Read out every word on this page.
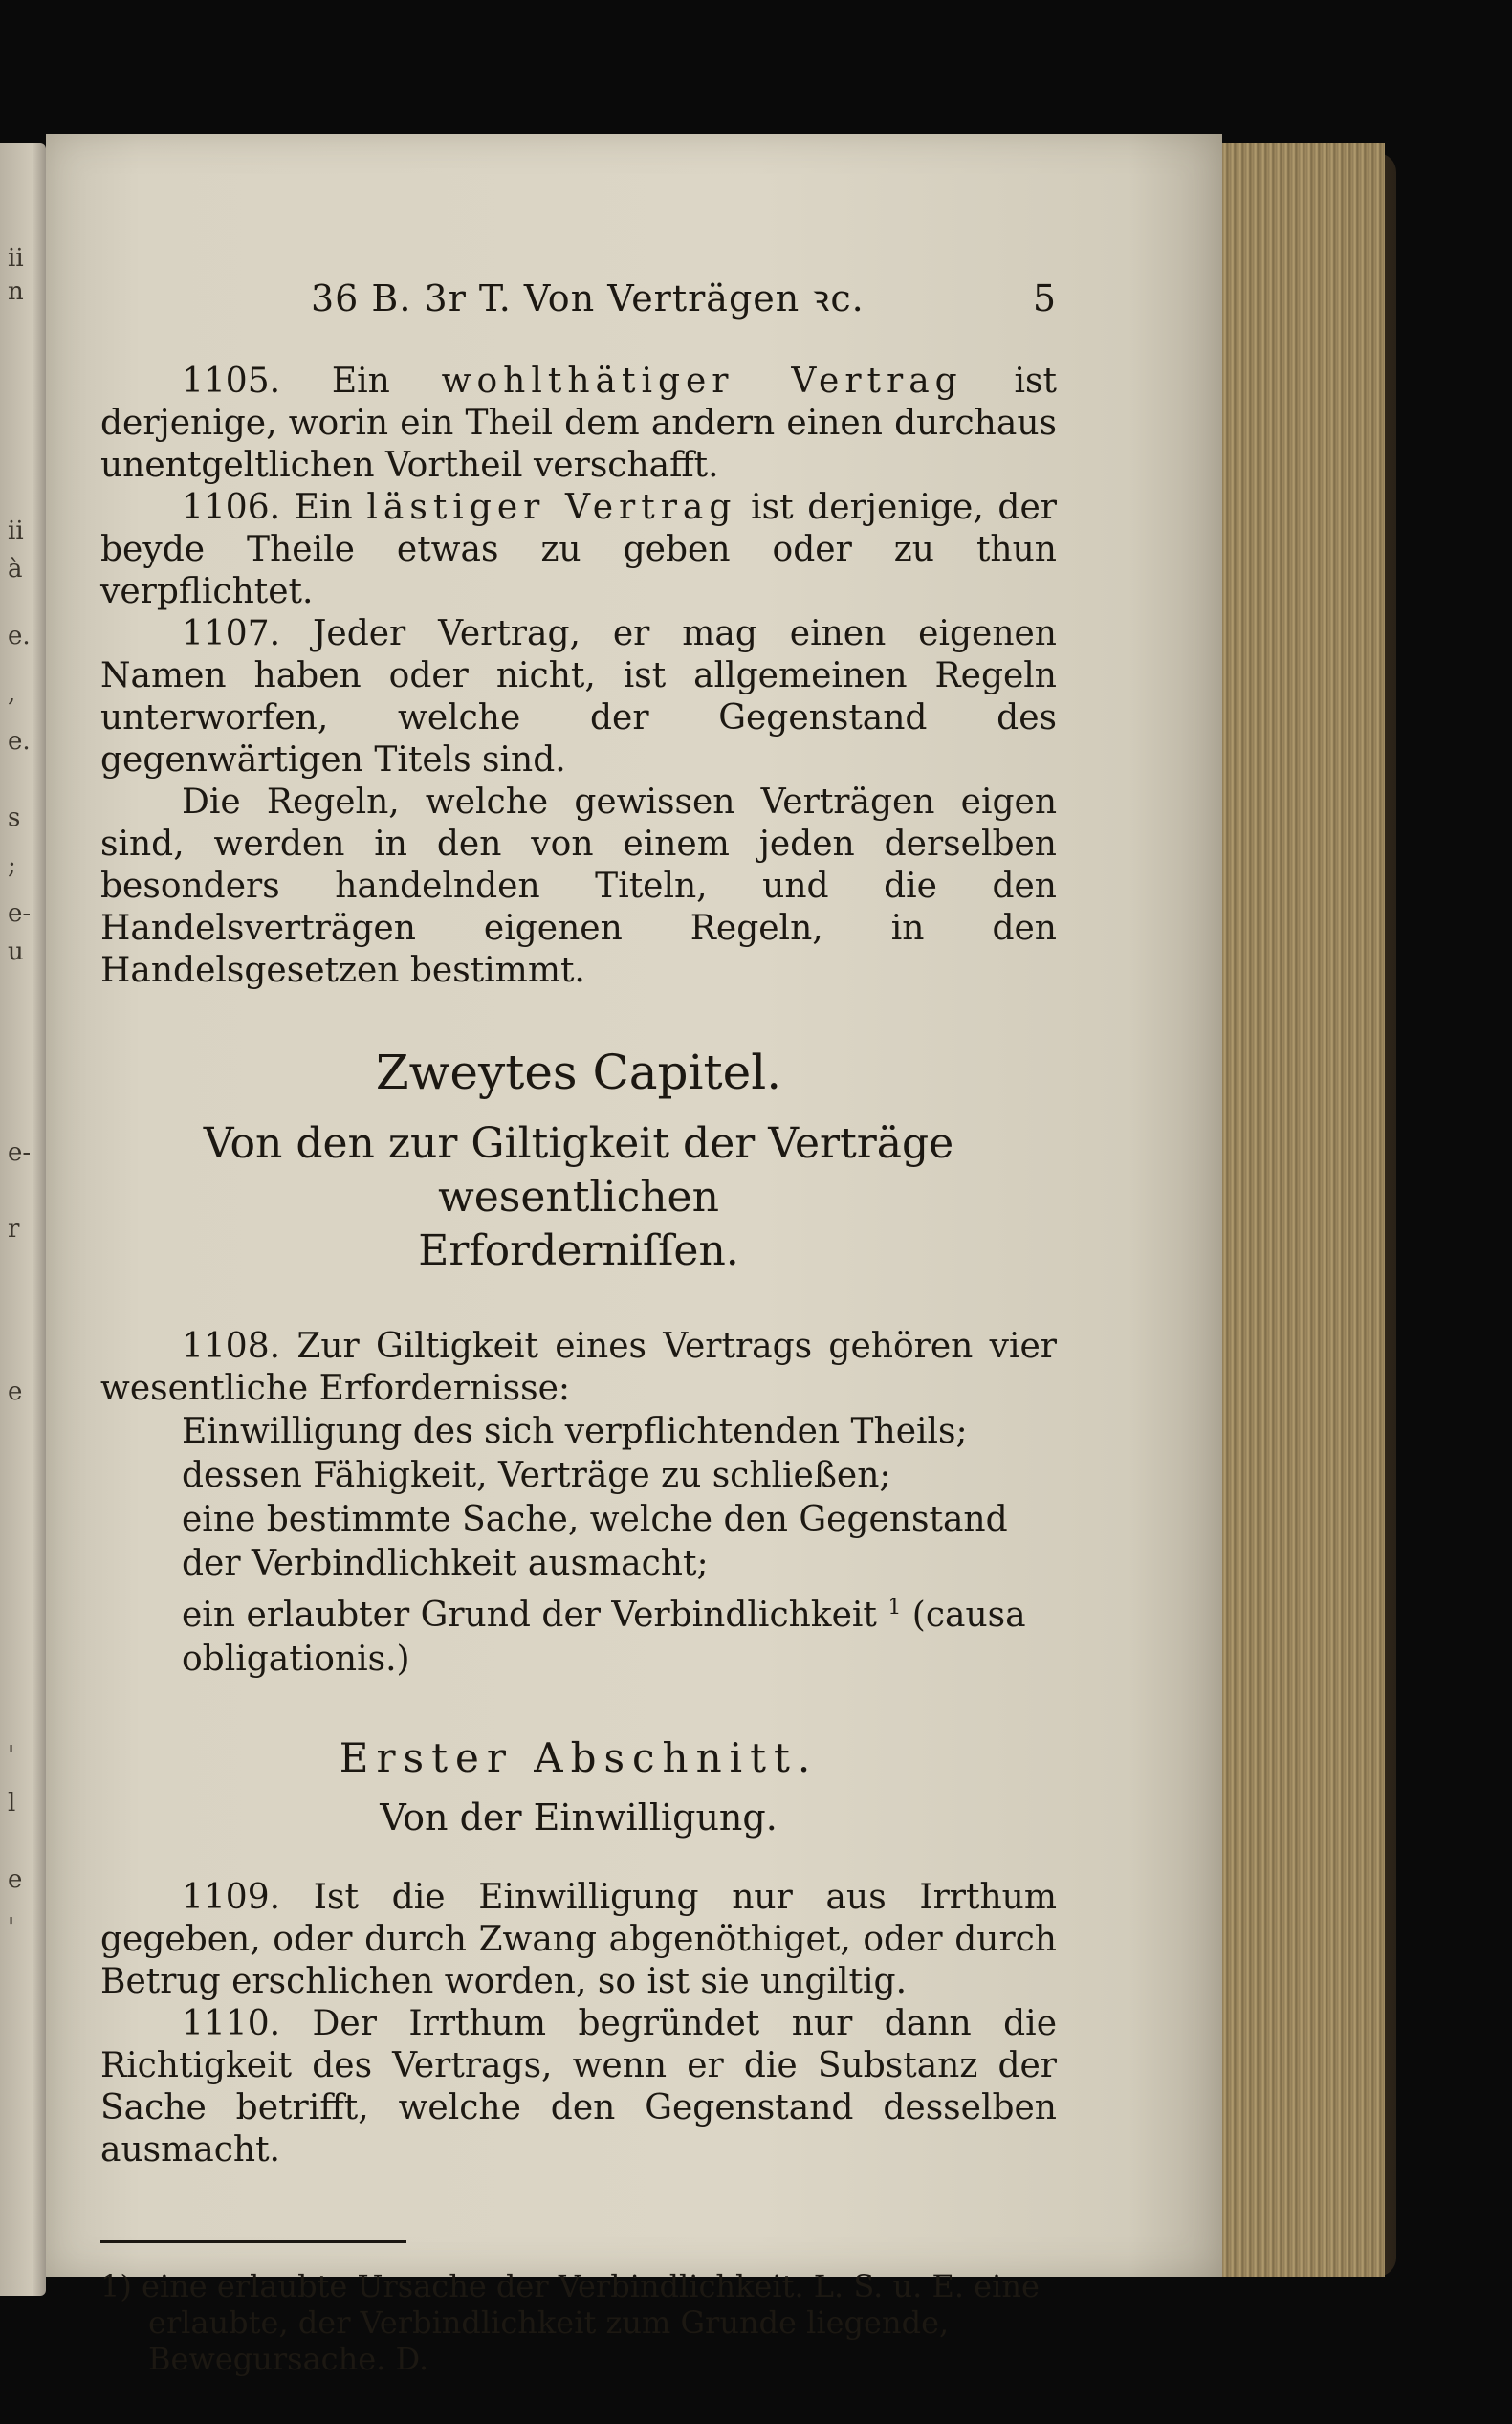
ii
n
ii
à
e.
,
e.
s
;
e-
u
e-
r
e
'
l
e
'
36 B. 3r T. Von Verträgen ꝛc.	5

1105. Ein wohlthätiger Vertrag ist derjenige, worin ein Theil dem andern einen durchaus unentgeltlichen Vortheil verschafft.

1106. Ein lästiger Vertrag ist derjenige, der beyde Theile etwas zu geben oder zu thun verpflichtet.

1107. Jeder Vertrag, er mag einen eigenen Namen haben oder nicht, ist allgemeinen Regeln unterworfen, welche der Gegenstand des gegenwärtigen Titels sind.

Die Regeln, welche gewissen Verträgen eigen sind, werden in den von einem jeden derselben besonders handelnden Titeln, und die den Handelsverträgen eigenen Regeln, in den Handelsgesetzen bestimmt.

Zweytes Capitel.
Von den zur Giltigkeit der Verträge wesentlichen
Erforderniſſen.

1108. Zur Giltigkeit eines Vertrags gehören vier wesentliche Erfordernisse:

Einwilligung des sich verpflichtenden Theils;
dessen Fähigkeit, Verträge zu schließen;
eine bestimmte Sache, welche den Gegenstand der Verbindlichkeit ausmacht;
ein erlaubter Grund der Verbindlichkeit $^1$ (causa obligationis.)
Erster Abschnitt.
Von der Einwilligung.

1109. Ist die Einwilligung nur aus Irrthum gegeben, oder durch Zwang abgenöthiget, oder durch Betrug erschlichen worden, so ist sie ungiltig.

1110. Der Irrthum begründet nur dann die Richtigkeit des Vertrags, wenn er die Substanz der Sache betrifft, welche den Gegenstand desselben ausmacht.

1) eine erlaubte Ursache der Verbindlichkeit. L. S. u. E. eine erlaubte, der Verbindlichkeit zum Grunde liegende, Bewegursache. D.
